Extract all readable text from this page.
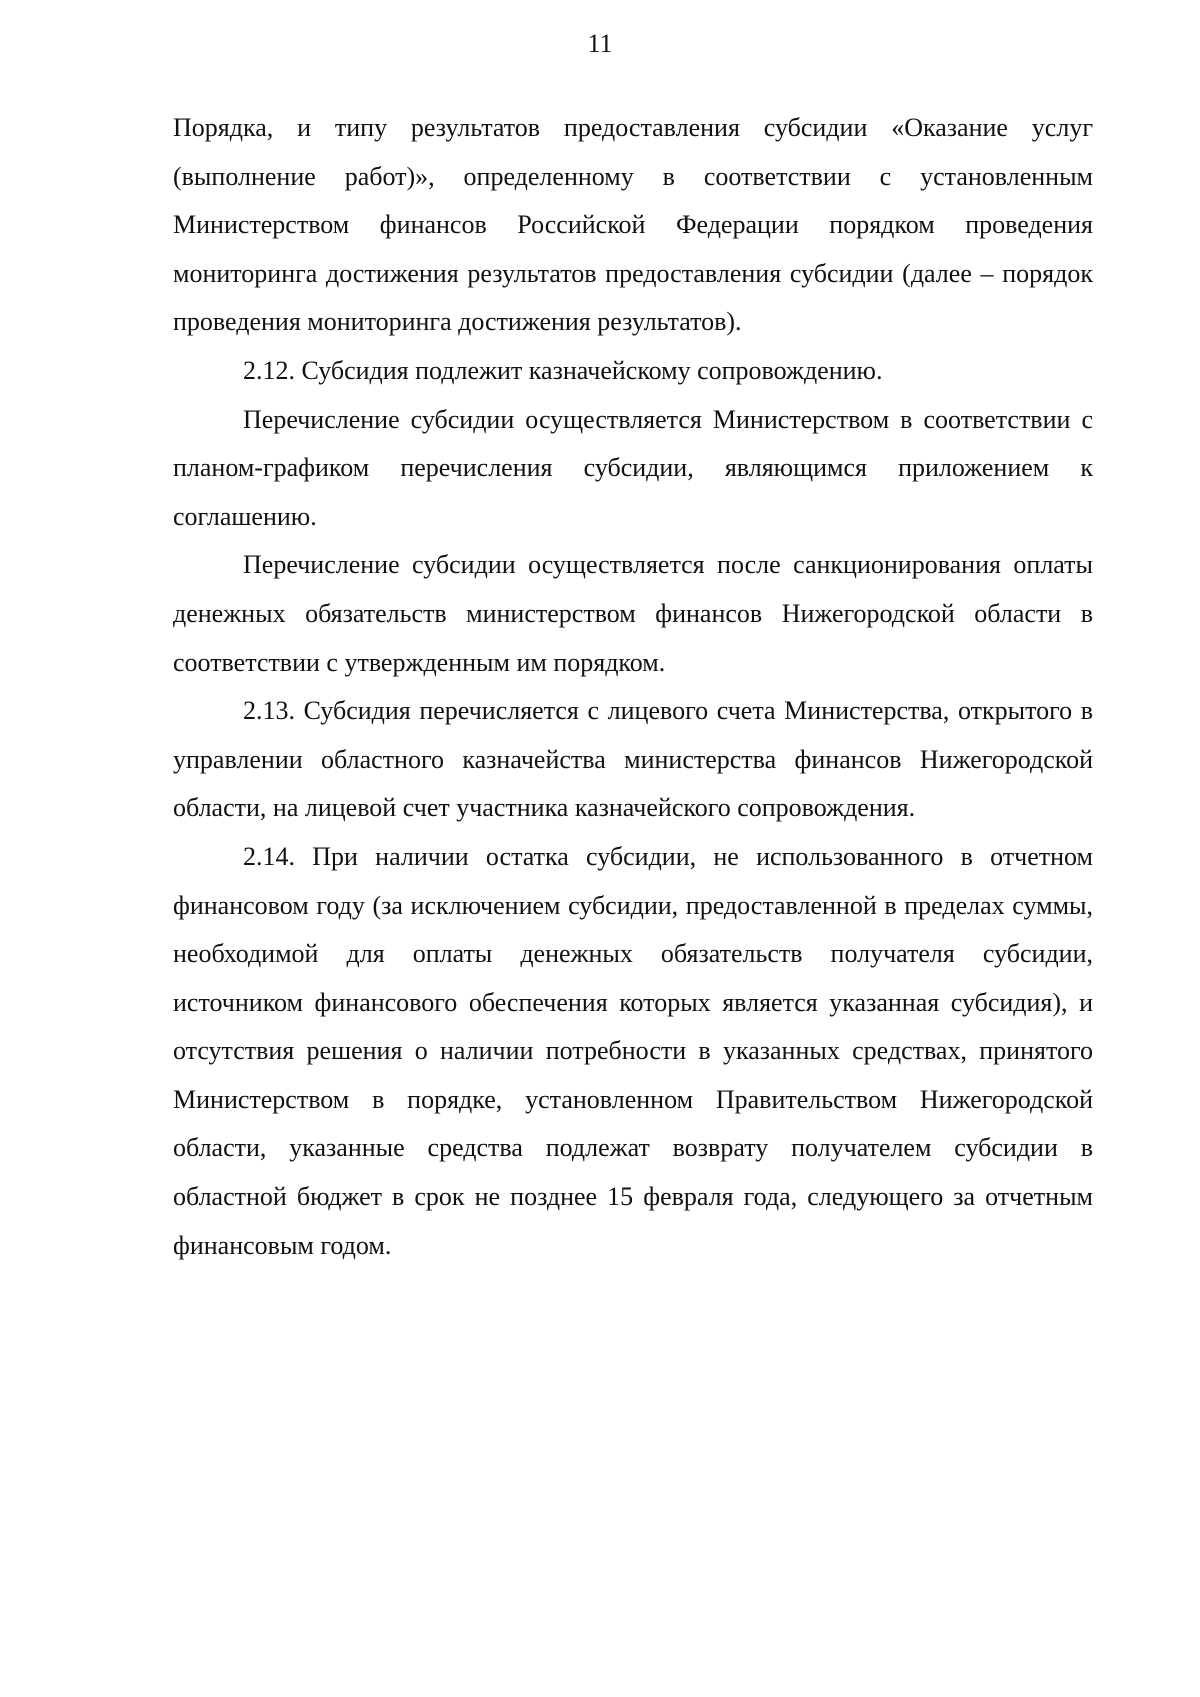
11

Порядка, и типу результатов предоставления субсидии «Оказание услуг (выполнение работ)», определенному в соответствии с установленным Министерством финансов Российской Федерации порядком проведения мониторинга достижения результатов предоставления субсидии (далее – порядок проведения мониторинга достижения результатов).

2.12. Субсидия подлежит казначейскому сопровождению.

Перечисление субсидии осуществляется Министерством в соответствии с планом-графиком перечисления субсидии, являющимся приложением к соглашению.

Перечисление субсидии осуществляется после санкционирования оплаты денежных обязательств министерством финансов Нижегородской области в соответствии с утвержденным им порядком.

2.13. Субсидия перечисляется с лицевого счета Министерства, открытого в управлении областного казначейства министерства финансов Нижегородской области, на лицевой счет участника казначейского сопровождения.

2.14. При наличии остатка субсидии, не использованного в отчетном финансовом году (за исключением субсидии, предоставленной в пределах суммы, необходимой для оплаты денежных обязательств получателя субсидии, источником финансового обеспечения которых является указанная субсидия), и отсутствия решения о наличии потребности в указанных средствах, принятого Министерством в порядке, установленном Правительством Нижегородской области, указанные средства подлежат возврату получателем субсидии в областной бюджет в срок не позднее 15 февраля года, следующего за отчетным финансовым годом.
